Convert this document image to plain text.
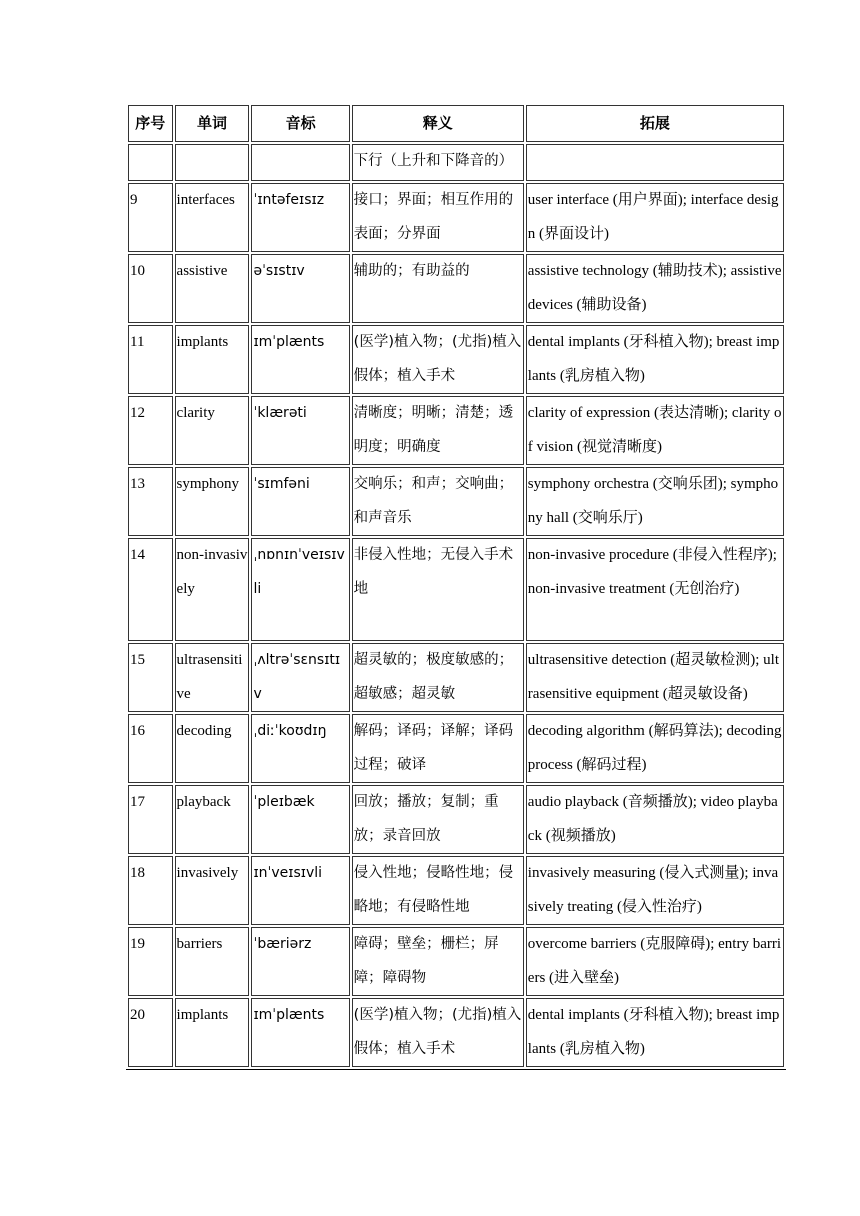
序号	单词	音标	释义	拓展
			下行（上升和下降音的）	
9	interfaces	ˈɪntəfeɪsɪz	接口；界面；相互作用的表面；分界面	user interface (用户界面); interface design (界面设计)
10	assistive	əˈsɪstɪv	辅助的；有助益的	assistive technology (辅助技术); assistive devices (辅助设备)
11	implants	ɪmˈplænts	(医学)植入物；(尤指)植入假体；植入手术	dental implants (牙科植入物); breast implants (乳房植入物)
12	clarity	ˈklærəti	清晰度；明晰；清楚；透明度；明确度	clarity of expression (表达清晰); clarity of vision (视觉清晰度)
13	symphony	ˈsɪmfəni	交响乐；和声；交响曲；和声音乐	symphony orchestra (交响乐团); symphony hall (交响乐厅)
14	non-invasively	ˌnɒnɪnˈveɪsɪvli	非侵入性地；无侵入手术地	non-invasive procedure (非侵入性程序); non-invasive treatment (无创治疗)
15	ultrasensitive	ˌʌltrəˈsɛnsɪtɪv	超灵敏的；极度敏感的；超敏感；超灵敏	ultrasensitive detection (超灵敏检测); ultrasensitive equipment (超灵敏设备)
16	decoding	ˌdiːˈkoʊdɪŋ	解码；译码；译解；译码过程；破译	decoding algorithm (解码算法); decoding process (解码过程)
17	playback	ˈpleɪbæk	回放；播放；复制；重放；录音回放	audio playback (音频播放); video playback (视频播放)
18	invasively	ɪnˈveɪsɪvli	侵入性地；侵略性地；侵略地；有侵略性地	invasively measuring (侵入式测量); invasively treating (侵入性治疗)
19	barriers	ˈbæriərz	障碍；壁垒；栅栏；屏障；障碍物	overcome barriers (克服障碍); entry barriers (进入壁垒)
20	implants	ɪmˈplænts	(医学)植入物；(尤指)植入假体；植入手术	dental implants (牙科植入物); breast implants (乳房植入物)
